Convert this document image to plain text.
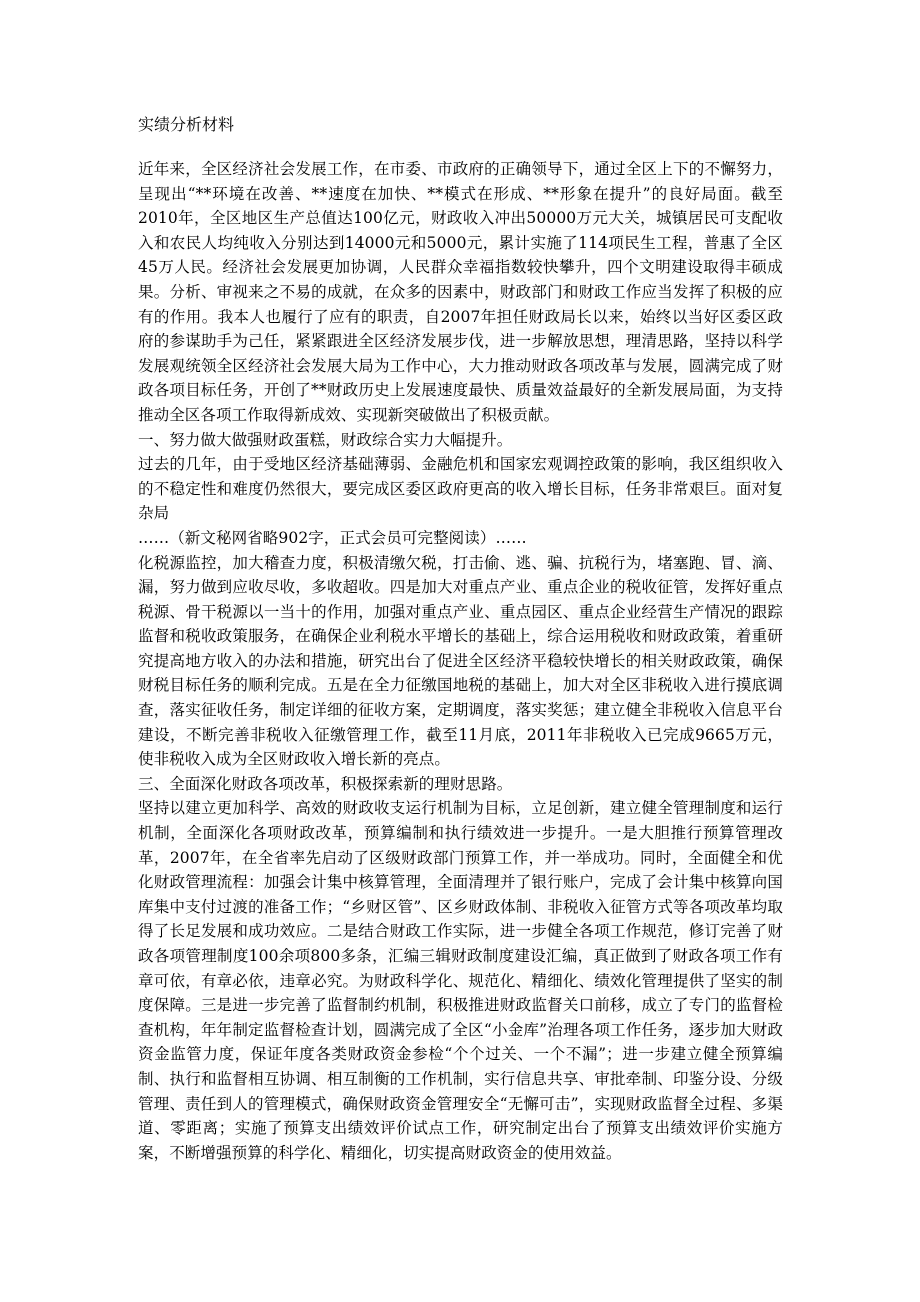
实绩分析材料

近年来，全区经济社会发展工作，在市委、市政府的正确领导下，通过全区上下的不懈努力，呈现出“**环境在改善、**速度在加快、**模式在形成、**形象在提升”的良好局面。截至2010年，全区地区生产总值达100亿元，财政收入冲出50000万元大关，城镇居民可支配收入和农民人均纯收入分别达到14000元和5000元，累计实施了114项民生工程，普惠了全区45万人民。经济社会发展更加协调，人民群众幸福指数较快攀升，四个文明建设取得丰硕成果。分析、审视来之不易的成就，在众多的因素中，财政部门和财政工作应当发挥了积极的应有的作用。我本人也履行了应有的职责，自2007年担任财政局长以来，始终以当好区委区政府的参谋助手为己任，紧紧跟进全区经济发展步伐，进一步解放思想，理清思路，坚持以科学发展观统领全区经济社会发展大局为工作中心，大力推动财政各项改革与发展，圆满完成了财政各项目标任务，开创了**财政历史上发展速度最快、质量效益最好的全新发展局面，为支持推动全区各项工作取得新成效、实现新突破做出了积极贡献。

一、努力做大做强财政蛋糕，财政综合实力大幅提升。

过去的几年，由于受地区经济基础薄弱、金融危机和国家宏观调控政策的影响，我区组织收入的不稳定性和难度仍然很大，要完成区委区政府更高的收入增长目标，任务非常艰巨。面对复杂局

……（新文秘网省略902字，正式会员可完整阅读）……

化税源监控，加大稽查力度，积极清缴欠税，打击偷、逃、骗、抗税行为，堵塞跑、冒、滴、漏，努力做到应收尽收，多收超收。四是加大对重点产业、重点企业的税收征管，发挥好重点税源、骨干税源以一当十的作用，加强对重点产业、重点园区、重点企业经营生产情况的跟踪监督和税收政策服务，在确保企业利税水平增长的基础上，综合运用税收和财政政策，着重研究提高地方收入的办法和措施，研究出台了促进全区经济平稳较快增长的相关财政政策，确保财税目标任务的顺利完成。五是在全力征缴国地税的基础上，加大对全区非税收入进行摸底调查，落实征收任务，制定详细的征收方案，定期调度，落实奖惩；建立健全非税收入信息平台建设，不断完善非税收入征缴管理工作，截至11月底，2011年非税收入已完成9665万元，使非税收入成为全区财政收入增长新的亮点。

三、全面深化财政各项改革，积极探索新的理财思路。

坚持以建立更加科学、高效的财政收支运行机制为目标，立足创新，建立健全管理制度和运行机制，全面深化各项财政改革，预算编制和执行绩效进一步提升。一是大胆推行预算管理改革，2007年，在全省率先启动了区级财政部门预算工作，并一举成功。同时，全面健全和优化财政管理流程：加强会计集中核算管理，全面清理并了银行账户，完成了会计集中核算向国库集中支付过渡的准备工作；“乡财区管”、区乡财政体制、非税收入征管方式等各项改革均取得了长足发展和成功效应。二是结合财政工作实际，进一步健全各项工作规范，修订完善了财政各项管理制度100余项800多条，汇编三辑财政制度建设汇编，真正做到了财政各项工作有章可依，有章必依，违章必究。为财政科学化、规范化、精细化、绩效化管理提供了坚实的制度保障。三是进一步完善了监督制约机制，积极推进财政监督关口前移，成立了专门的监督检查机构，年年制定监督检查计划，圆满完成了全区“小金库”治理各项工作任务，逐步加大财政资金监管力度，保证年度各类财政资金参检“个个过关、一个不漏”；进一步建立健全预算编制、执行和监督相互协调、相互制衡的工作机制，实行信息共享、审批牵制、印鉴分设、分级管理、责任到人的管理模式，确保财政资金管理安全“无懈可击”，实现财政监督全过程、多渠道、零距离；实施了预算支出绩效评价试点工作，研究制定出台了预算支出绩效评价实施方案，不断增强预算的科学化、精细化，切实提高财政资金的使用效益。
